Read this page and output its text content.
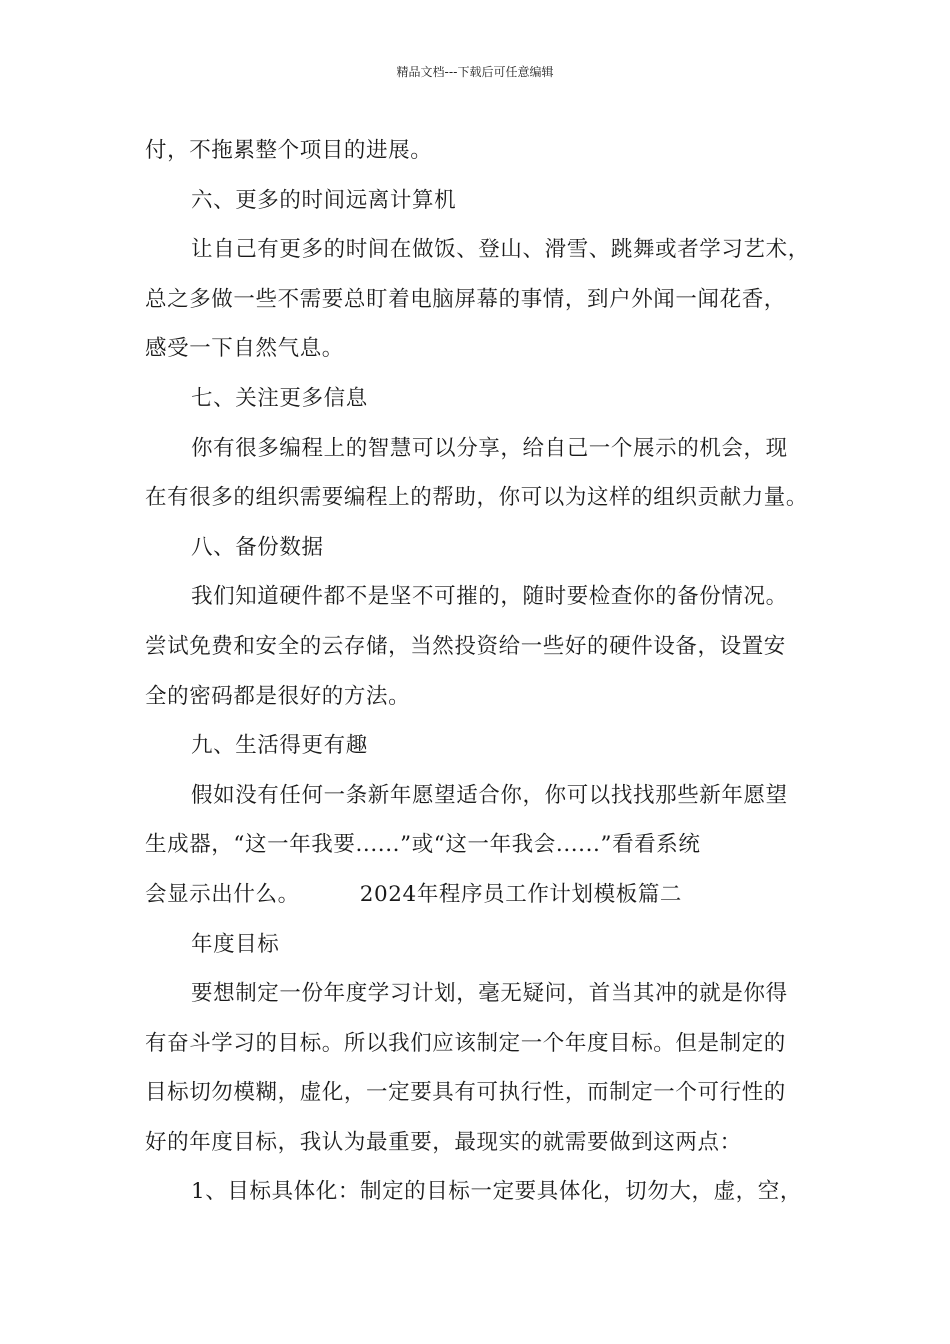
精品文档---下载后可任意编辑
付，不拖累整个项目的进展。
六、更多的时间远离计算机
让自己有更多的时间在做饭、登山、滑雪、跳舞或者学习艺术，
总之多做一些不需要总盯着电脑屏幕的事情，到户外闻一闻花香，
感受一下自然气息。
七、关注更多信息
你有很多编程上的智慧可以分享，给自己一个展示的机会，现
在有很多的组织需要编程上的帮助，你可以为这样的组织贡献力量。
八、备份数据
我们知道硬件都不是坚不可摧的，随时要检查你的备份情况。
尝试免费和安全的云存储，当然投资给一些好的硬件设备，设置安
全的密码都是很好的方法。
九、生活得更有趣
假如没有任何一条新年愿望适合你，你可以找找那些新年愿望
生成器，“这一年我要......”或“这一年我会......”看看系统
会显示出什么。	2024年程序员工作计划模板篇二
年度目标
要想制定一份年度学习计划，毫无疑问，首当其冲的就是你得
有奋斗学习的目标。所以我们应该制定一个年度目标。但是制定的
目标切勿模糊，虚化，一定要具有可执行性，而制定一个可行性的
好的年度目标，我认为最重要，最现实的就需要做到这两点：
1、目标具体化：制定的目标一定要具体化，切勿大，虚，空，
